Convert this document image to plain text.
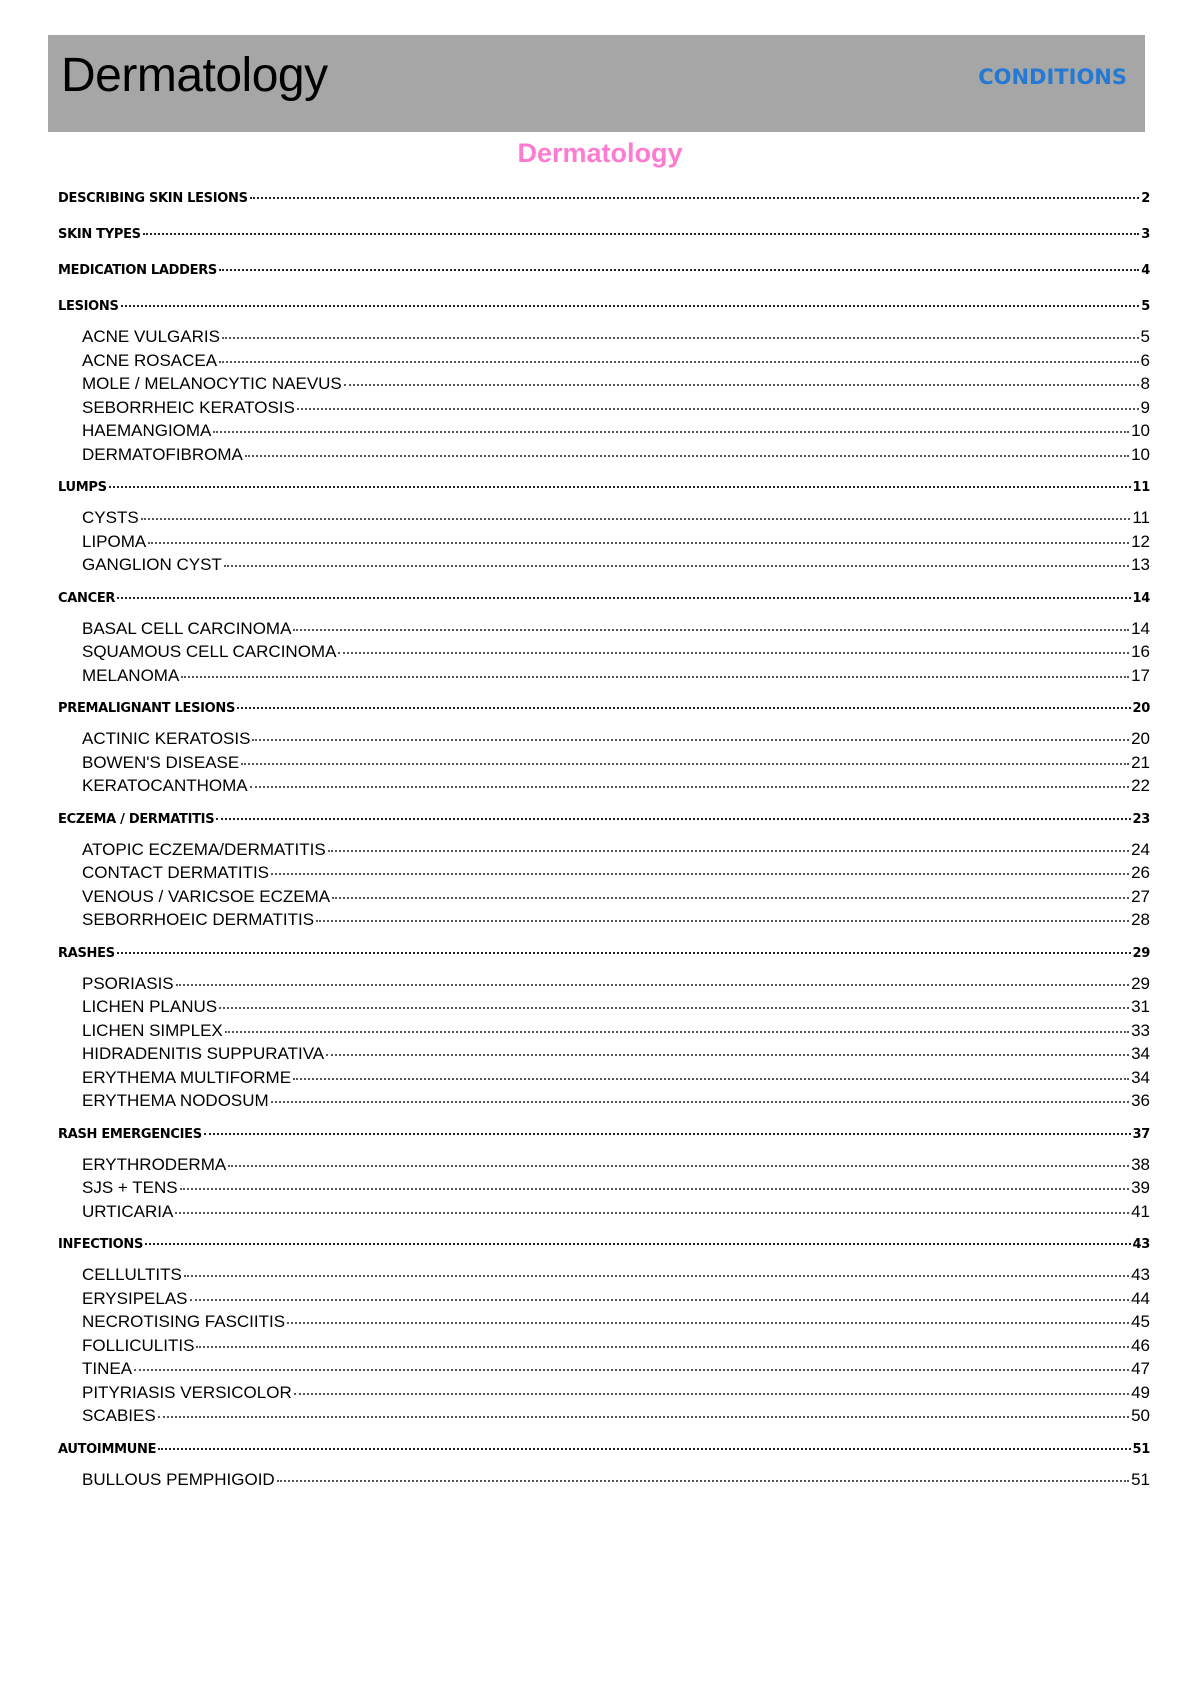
Dermatology	CONDITIONS
Dermatology
DESCRIBING SKIN LESIONS	2
SKIN TYPES	3
MEDICATION LADDERS	4
LESIONS	5
ACNE VULGARIS	5
ACNE ROSACEA	6
MOLE / MELANOCYTIC NAEVUS	8
SEBORRHEIC KERATOSIS	9
HAEMANGIOMA	10
DERMATOFIBROMA	10
LUMPS	11
CYSTS	11
LIPOMA	12
GANGLION CYST	13
CANCER	14
BASAL CELL CARCINOMA	14
SQUAMOUS CELL CARCINOMA	16
MELANOMA	17
PREMALIGNANT LESIONS	20
ACTINIC KERATOSIS	20
BOWEN'S DISEASE	21
KERATOCANTHOMA	22
ECZEMA / DERMATITIS	23
ATOPIC ECZEMA/DERMATITIS	24
CONTACT DERMATITIS	26
VENOUS / VARICSOE ECZEMA	27
SEBORRHOEIC DERMATITIS	28
RASHES	29
PSORIASIS	29
LICHEN PLANUS	31
LICHEN SIMPLEX	33
HIDRADENITIS SUPPURATIVA	34
ERYTHEMA MULTIFORME	34
ERYTHEMA NODOSUM	36
RASH EMERGENCIES	37
ERYTHRODERMA	38
SJS + TENS	39
URTICARIA	41
INFECTIONS	43
CELLULTITS	43
ERYSIPELAS	44
NECROTISING FASCIITIS	45
FOLLICULITIS	46
TINEA	47
PITYRIASIS VERSICOLOR	49
SCABIES	50
AUTOIMMUNE	51
BULLOUS PEMPHIGOID	51
